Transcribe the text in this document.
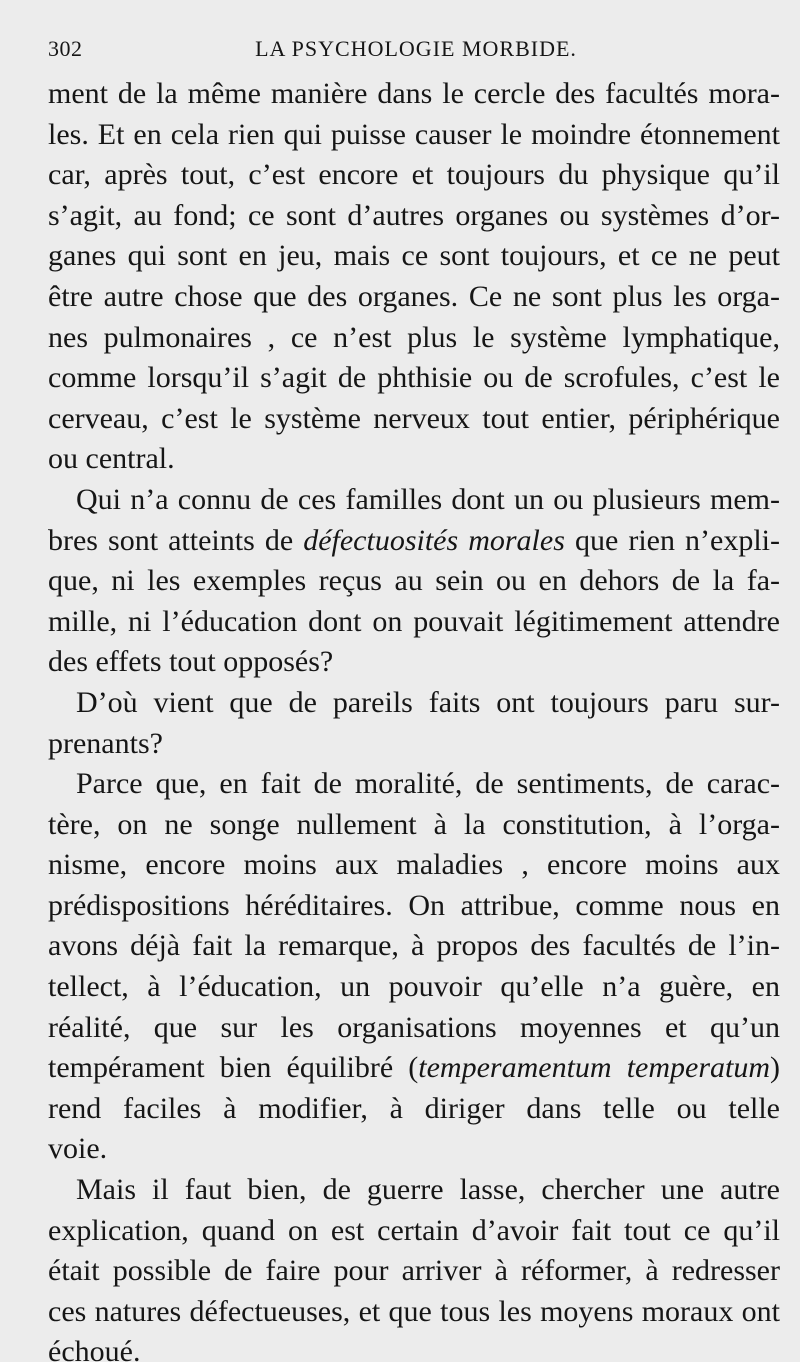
302	LA PSYCHOLOGIE MORBIDE.
ment de la même manière dans le cercle des facultés mora-
les. Et en cela rien qui puisse causer le moindre étonnement
car, après tout, c’est encore et toujours du physique qu’il
s’agit, au fond; ce sont d’autres organes ou systèmes d’or-
ganes qui sont en jeu, mais ce sont toujours, et ce ne peut
être autre chose que des organes. Ce ne sont plus les orga-
nes pulmonaires , ce n’est plus le système lymphatique,
comme lorsqu’il s’agit de phthisie ou de scrofules, c’est le
cerveau, c’est le système nerveux tout entier, périphérique
ou central.
Qui n’a connu de ces familles dont un ou plusieurs mem-
bres sont atteints de défectuosités morales que rien n’expli-
que, ni les exemples reçus au sein ou en dehors de la fa-
mille, ni l’éducation dont on pouvait légitimement attendre
des effets tout opposés?
D’où vient que de pareils faits ont toujours paru sur-
prenants?
Parce que, en fait de moralité, de sentiments, de carac-
tère, on ne songe nullement à la constitution, à l’orga-
nisme, encore moins aux maladies , encore moins aux
prédispositions héréditaires. On attribue, comme nous en
avons déjà fait la remarque, à propos des facultés de l’in-
tellect, à l’éducation, un pouvoir qu’elle n’a guère, en
réalité, que sur les organisations moyennes et qu’un
tempérament bien équilibré (temperamentum temperatum)
rend faciles à modifier, à diriger dans telle ou telle
voie.
Mais il faut bien, de guerre lasse, chercher une autre
explication, quand on est certain d’avoir fait tout ce qu’il
était possible de faire pour arriver à réformer, à redresser
ces natures défectueuses, et que tous les moyens moraux ont
échoué.
